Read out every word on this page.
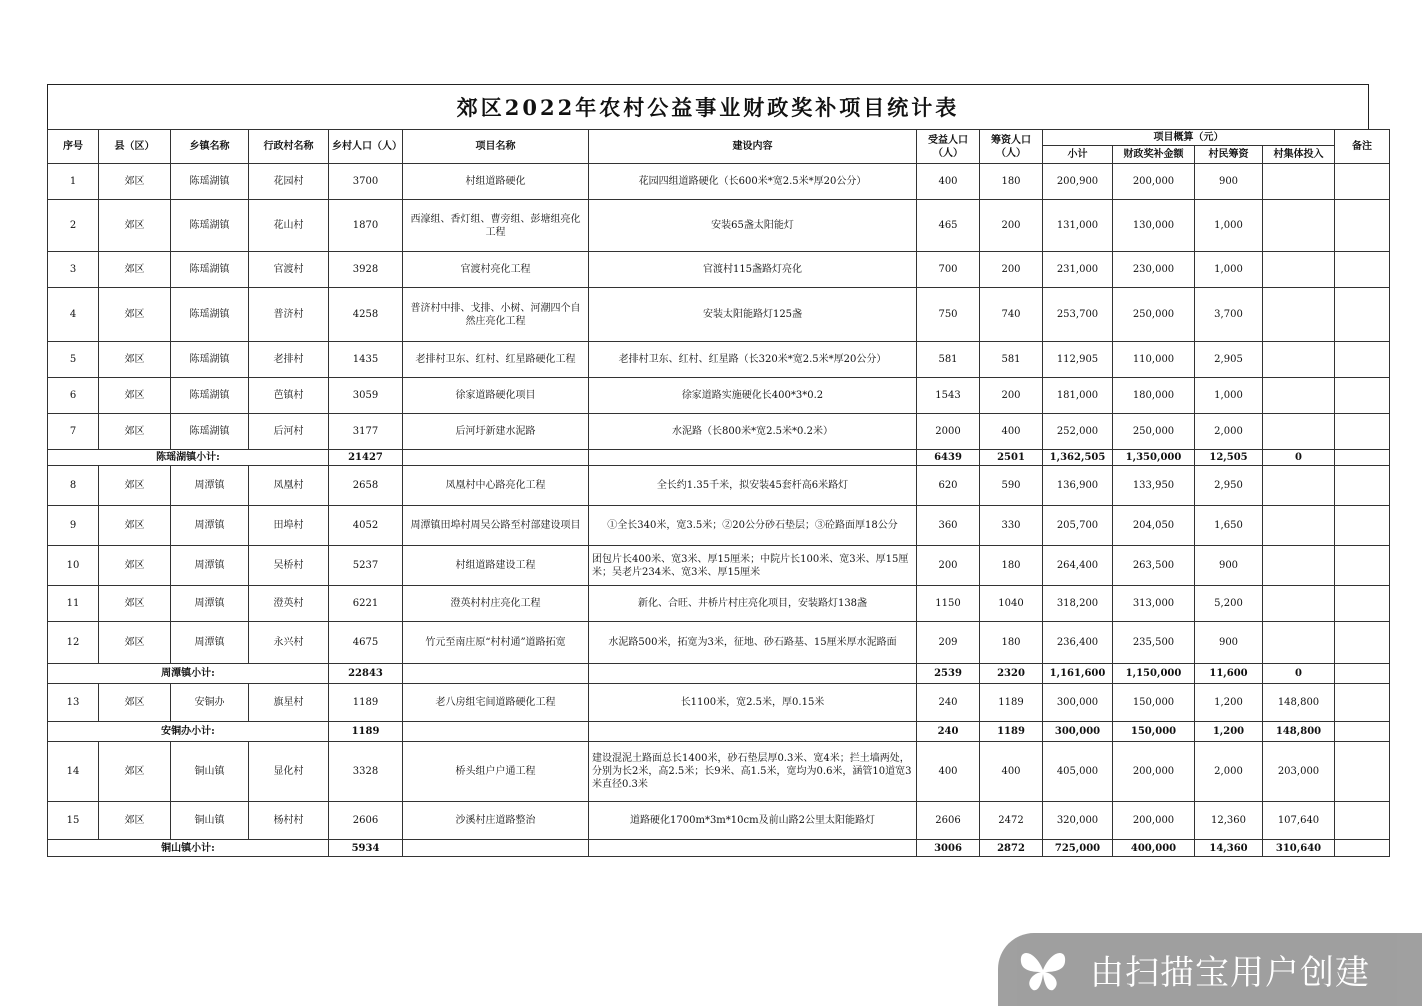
郊区2022年农村公益事业财政奖补项目统计表
序号	县（区）	乡镇名称	行政村名称	乡村人口（人）	项目名称	建设内容	受益人口（人）	筹资人口（人）	项目概算（元）				备注
									小计	财政奖补金额	村民筹资	村集体投入	
1	郊区	陈瑶湖镇	花园村	3700	村组道路硬化	花园四组道路硬化（长600米*宽2.5米*厚20公分）	400	180	200,900	200,000	900		
2	郊区	陈瑶湖镇	花山村	1870	西濠组、香灯组、曹旁组、彭塘组亮化工程	安装65盏太阳能灯	465	200	131,000	130,000	1,000		
3	郊区	陈瑶湖镇	官渡村	3928	官渡村亮化工程	官渡村115盏路灯亮化	700	200	231,000	230,000	1,000		
4	郊区	陈瑶湖镇	普济村	4258	普济村中排、戈排、小树、河潮四个自然庄亮化工程	安装太阳能路灯125盏	750	740	253,700	250,000	3,700		
5	郊区	陈瑶湖镇	老排村	1435	老排村卫东、红村、红星路硬化工程	老排村卫东、红村、红星路（长320米*宽2.5米*厚20公分）	581	581	112,905	110,000	2,905		
6	郊区	陈瑶湖镇	芭镇村	3059	徐家道路硬化项目	徐家道路实施硬化长400*3*0.2	1543	200	181,000	180,000	1,000		
7	郊区	陈瑶湖镇	后河村	3177	后河圩新建水泥路	水泥路（长800米*宽2.5米*0.2米）	2000	400	252,000	250,000	2,000		
陈瑶湖镇小计:				21427			6439	2501	1,362,505	1,350,000	12,505	0	
8	郊区	周潭镇	凤凰村	2658	凤凰村中心路亮化工程	全长约1.35千米，拟安装45套杆高6米路灯	620	590	136,900	133,950	2,950		
9	郊区	周潭镇	田埠村	4052	周潭镇田埠村周吴公路至村部建设项目	①全长340米，宽3.5米；②20公分砂石垫层；③砼路面厚18公分	360	330	205,700	204,050	1,650		
10	郊区	周潭镇	吴桥村	5237	村组道路建设工程	团包片长400米、宽3米、厚15厘米；中院片长100米、宽3米、厚15厘米；吴老片234米、宽3米、厚15厘米	200	180	264,400	263,500	900		
11	郊区	周潭镇	澄英村	6221	澄英村村庄亮化工程	新化、合旺、井桥片村庄亮化项目，安装路灯138盏	1150	1040	318,200	313,000	5,200		
12	郊区	周潭镇	永兴村	4675	竹元至南庄原“村村通”道路拓宽	水泥路500米，拓宽为3米，征地、砂石路基、15厘米厚水泥路面	209	180	236,400	235,500	900		
周潭镇小计:				22843			2539	2320	1,161,600	1,150,000	11,600	0	
13	郊区	安铜办	旗星村	1189	老八房组宅间道路硬化工程	长1100米，宽2.5米，厚0.15米	240	1189	300,000	150,000	1,200	148,800	
安铜办小计:				1189			240	1189	300,000	150,000	1,200	148,800	
14	郊区	铜山镇	显化村	3328	桥头组户户通工程	建设混泥土路面总长1400米，砂石垫层厚0.3米、宽4米；拦土墙两处，分别为长2米，高2.5米；长9米、高1.5米，宽均为0.6米，涵管10道宽3米直径0.3米	400	400	405,000	200,000	2,000	203,000	
15	郊区	铜山镇	杨村村	2606	沙溪村庄道路整治	道路硬化1700m*3m*10cm及前山路2公里太阳能路灯	2606	2472	320,000	200,000	12,360	107,640	
铜山镇小计:				5934			3006	2872	725,000	400,000	14,360	310,640	
由扫描宝用户创建
